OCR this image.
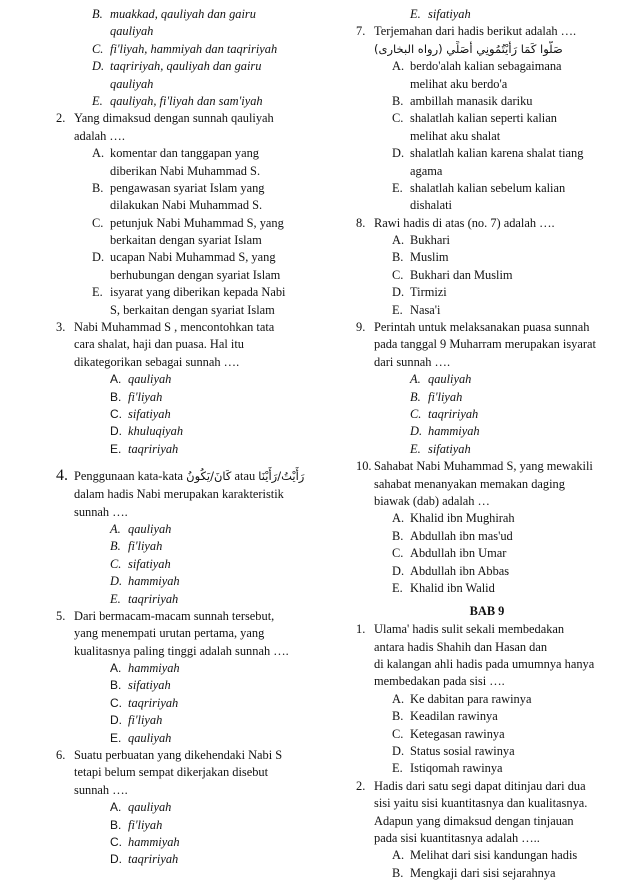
B. muakkad, qauliyah dan gairu
qauliyah
C. fi'liyah, hammiyah dan taqririyah
D. taqririyah, qauliyah dan gairu
qauliyah
E. qauliyah, fi'liyah dan sam'iyah
2. Yang dimaksud dengan sunnah qauliyah
adalah ….
A. komentar dan tanggapan yang
diberikan Nabi Muhammad S.
B. pengawasan syariat Islam yang
dilakukan Nabi Muhammad S.
C. petunjuk Nabi Muhammad S, yang
berkaitan dengan syariat Islam
D. ucapan Nabi Muhammad S, yang
berhubungan dengan syariat Islam
E. isyarat yang diberikan kepada Nabi
S, berkaitan dengan syariat Islam
3. Nabi Muhammad S , mencontohkan tata
cara shalat, haji dan puasa. Hal itu
dikategorikan sebagai sunnah ….
A. qauliyah
B. fi'liyah
C. sifatiyah
D. khuluqiyah
E. taqririyah
4. Penggunaan kata-kata كَانَ/يَكُونُ atau رَأَيْتُ/رَأَيْنَا
dalam hadis Nabi merupakan karakteristik
sunnah ….
A. qauliyah
B. fi'liyah
C. sifatiyah
D. hammiyah
E. taqririyah
5. Dari bermacam-macam sunnah tersebut,
yang menempati urutan pertama, yang
kualitasnya paling tinggi adalah sunnah ….
A. hammiyah
B. sifatiyah
C. taqririyah
D. fi'liyah
E. qauliyah
6. Suatu perbuatan yang dikehendaki Nabi S
tetapi belum sempat dikerjakan disebut
sunnah ….
A. qauliyah
B. fi'liyah
C. hammiyah
D. taqririyah
E. sifatiyah
7. Terjemahan dari hadis berikut adalah ….
صَلُّوا كَمَا رَأَيْتُمُونِي أُصَلِّي (رواه البخارى)
A. berdo'alah kalian sebagaimana
melihat aku berdo'a
B. ambillah manasik dariku
C. shalatlah kalian seperti kalian
melihat aku shalat
D. shalatlah kalian karena shalat tiang
agama
E. shalatlah kalian sebelum kalian
dishalati
8. Rawi hadis di atas (no. 7) adalah ….
A. Bukhari
B. Muslim
C. Bukhari dan Muslim
D. Tirmizi
E. Nasa'i
9. Perintah untuk melaksanakan puasa sunnah
pada tanggal 9 Muharram merupakan isyarat
dari sunnah ….
A. qauliyah
B. fi'liyah
C. taqririyah
D. hammiyah
E. sifatiyah
10. Sahabat Nabi Muhammad S, yang mewakili
sahabat menanyakan memakan daging
biawak (dab) adalah …
A. Khalid ibn Mughirah
B. Abdullah ibn mas'ud
C. Abdullah ibn Umar
D. Abdullah ibn Abbas
E. Khalid ibn Walid
BAB 9
1. Ulama' hadis sulit sekali membedakan
antara hadis Shahih dan Hasan dan
di kalangan ahli hadis pada umumnya hanya
membedakan pada sisi ….
A. Ke dabitan para rawinya
B. Keadilan rawinya
C. Ketegasan rawinya
D. Status sosial rawinya
E. Istiqomah rawinya
2. Hadis dari satu segi dapat ditinjau dari dua
sisi yaitu sisi kuantitasnya dan kualitasnya.
Adapun yang dimaksud dengan tinjauan
pada sisi kuantitasnya adalah …..
A. Melihat dari sisi kandungan hadis
B. Mengkaji dari sisi sejarahnya
